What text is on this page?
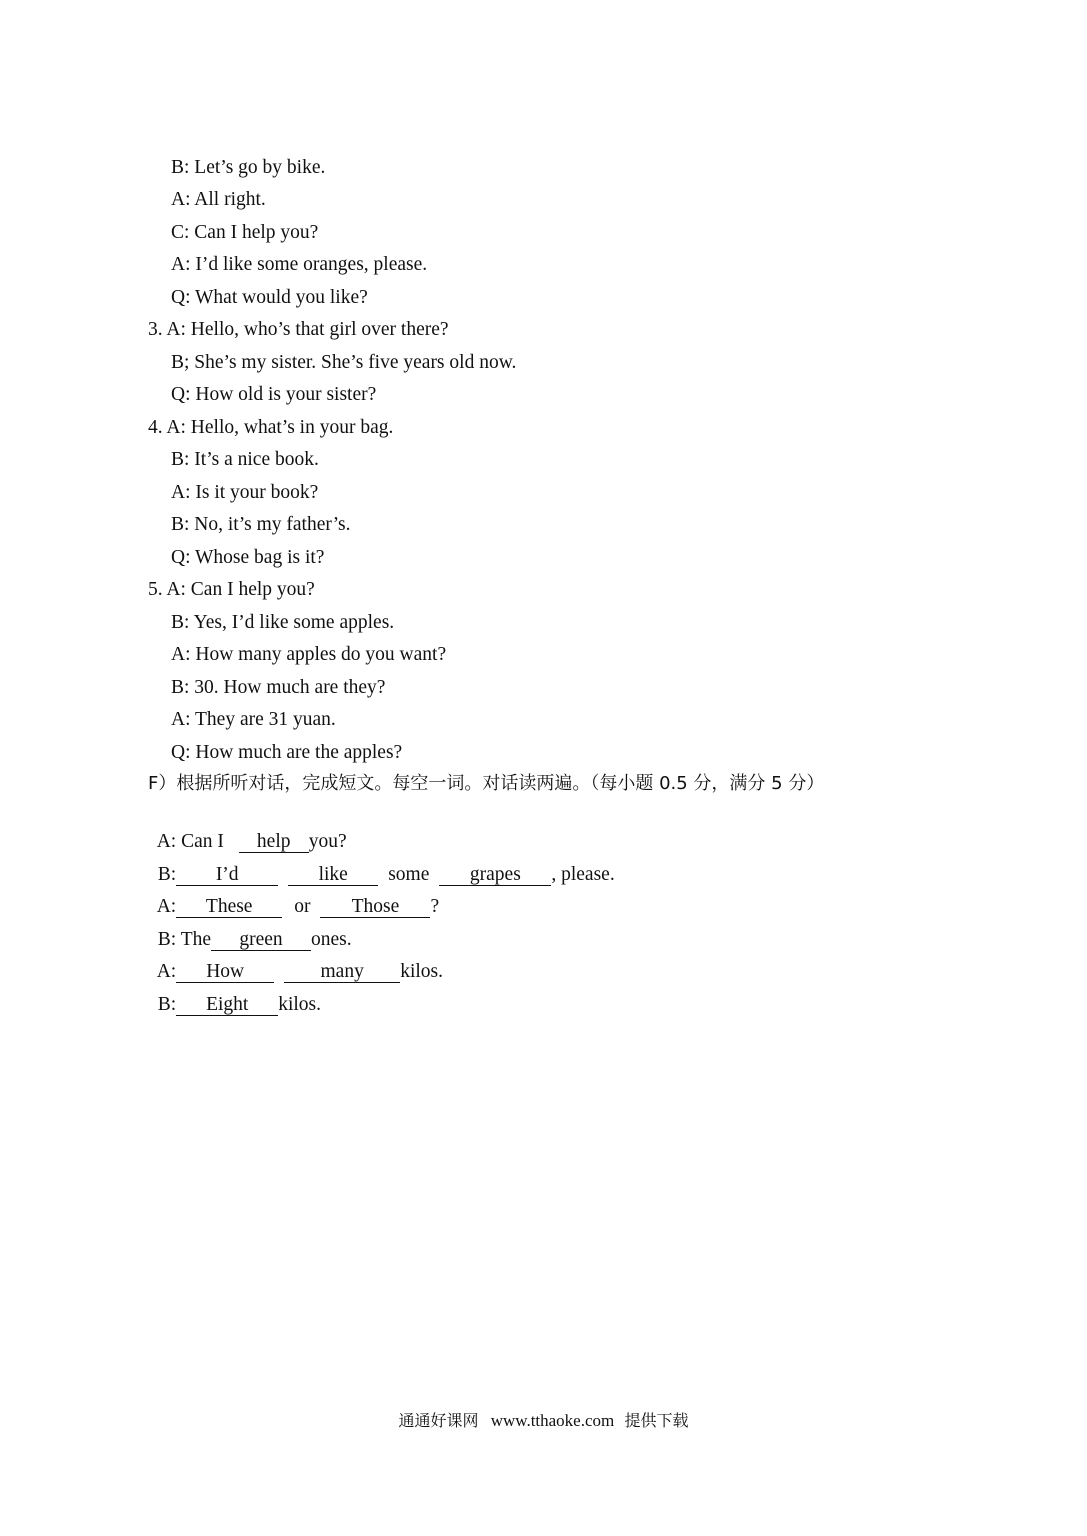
B: Let’s go by bike.
A: All right.
C: Can I help you?
A: I’d like some oranges, please.
Q: What would you like?
3. A: Hello, who’s that girl over there?
B; She’s my sister. She’s five years old now.
Q: How old is your sister?
4. A: Hello, what’s in your bag.
B: It’s a nice book.
A: Is it your book?
B: No, it’s my father’s.
Q: Whose bag is it?
5. A: Can I help you?
B: Yes, I’d like some apples.
A: How many apples do you want?
B: 30. How much are they?
A: They are 31 yuan.
Q: How much are the apples?
F）根据所听对话，完成短文。每空一词。对话读两遍。（每小题 0.5 分，满分 5 分）

A: Can I help you?

B: I’d	like some grapes , please.

A: These or Those ?

B: The green ones.

A: How	many kilos.

B: Eight kilos.

通通好课网 www.tthaoke.com 提供下载
